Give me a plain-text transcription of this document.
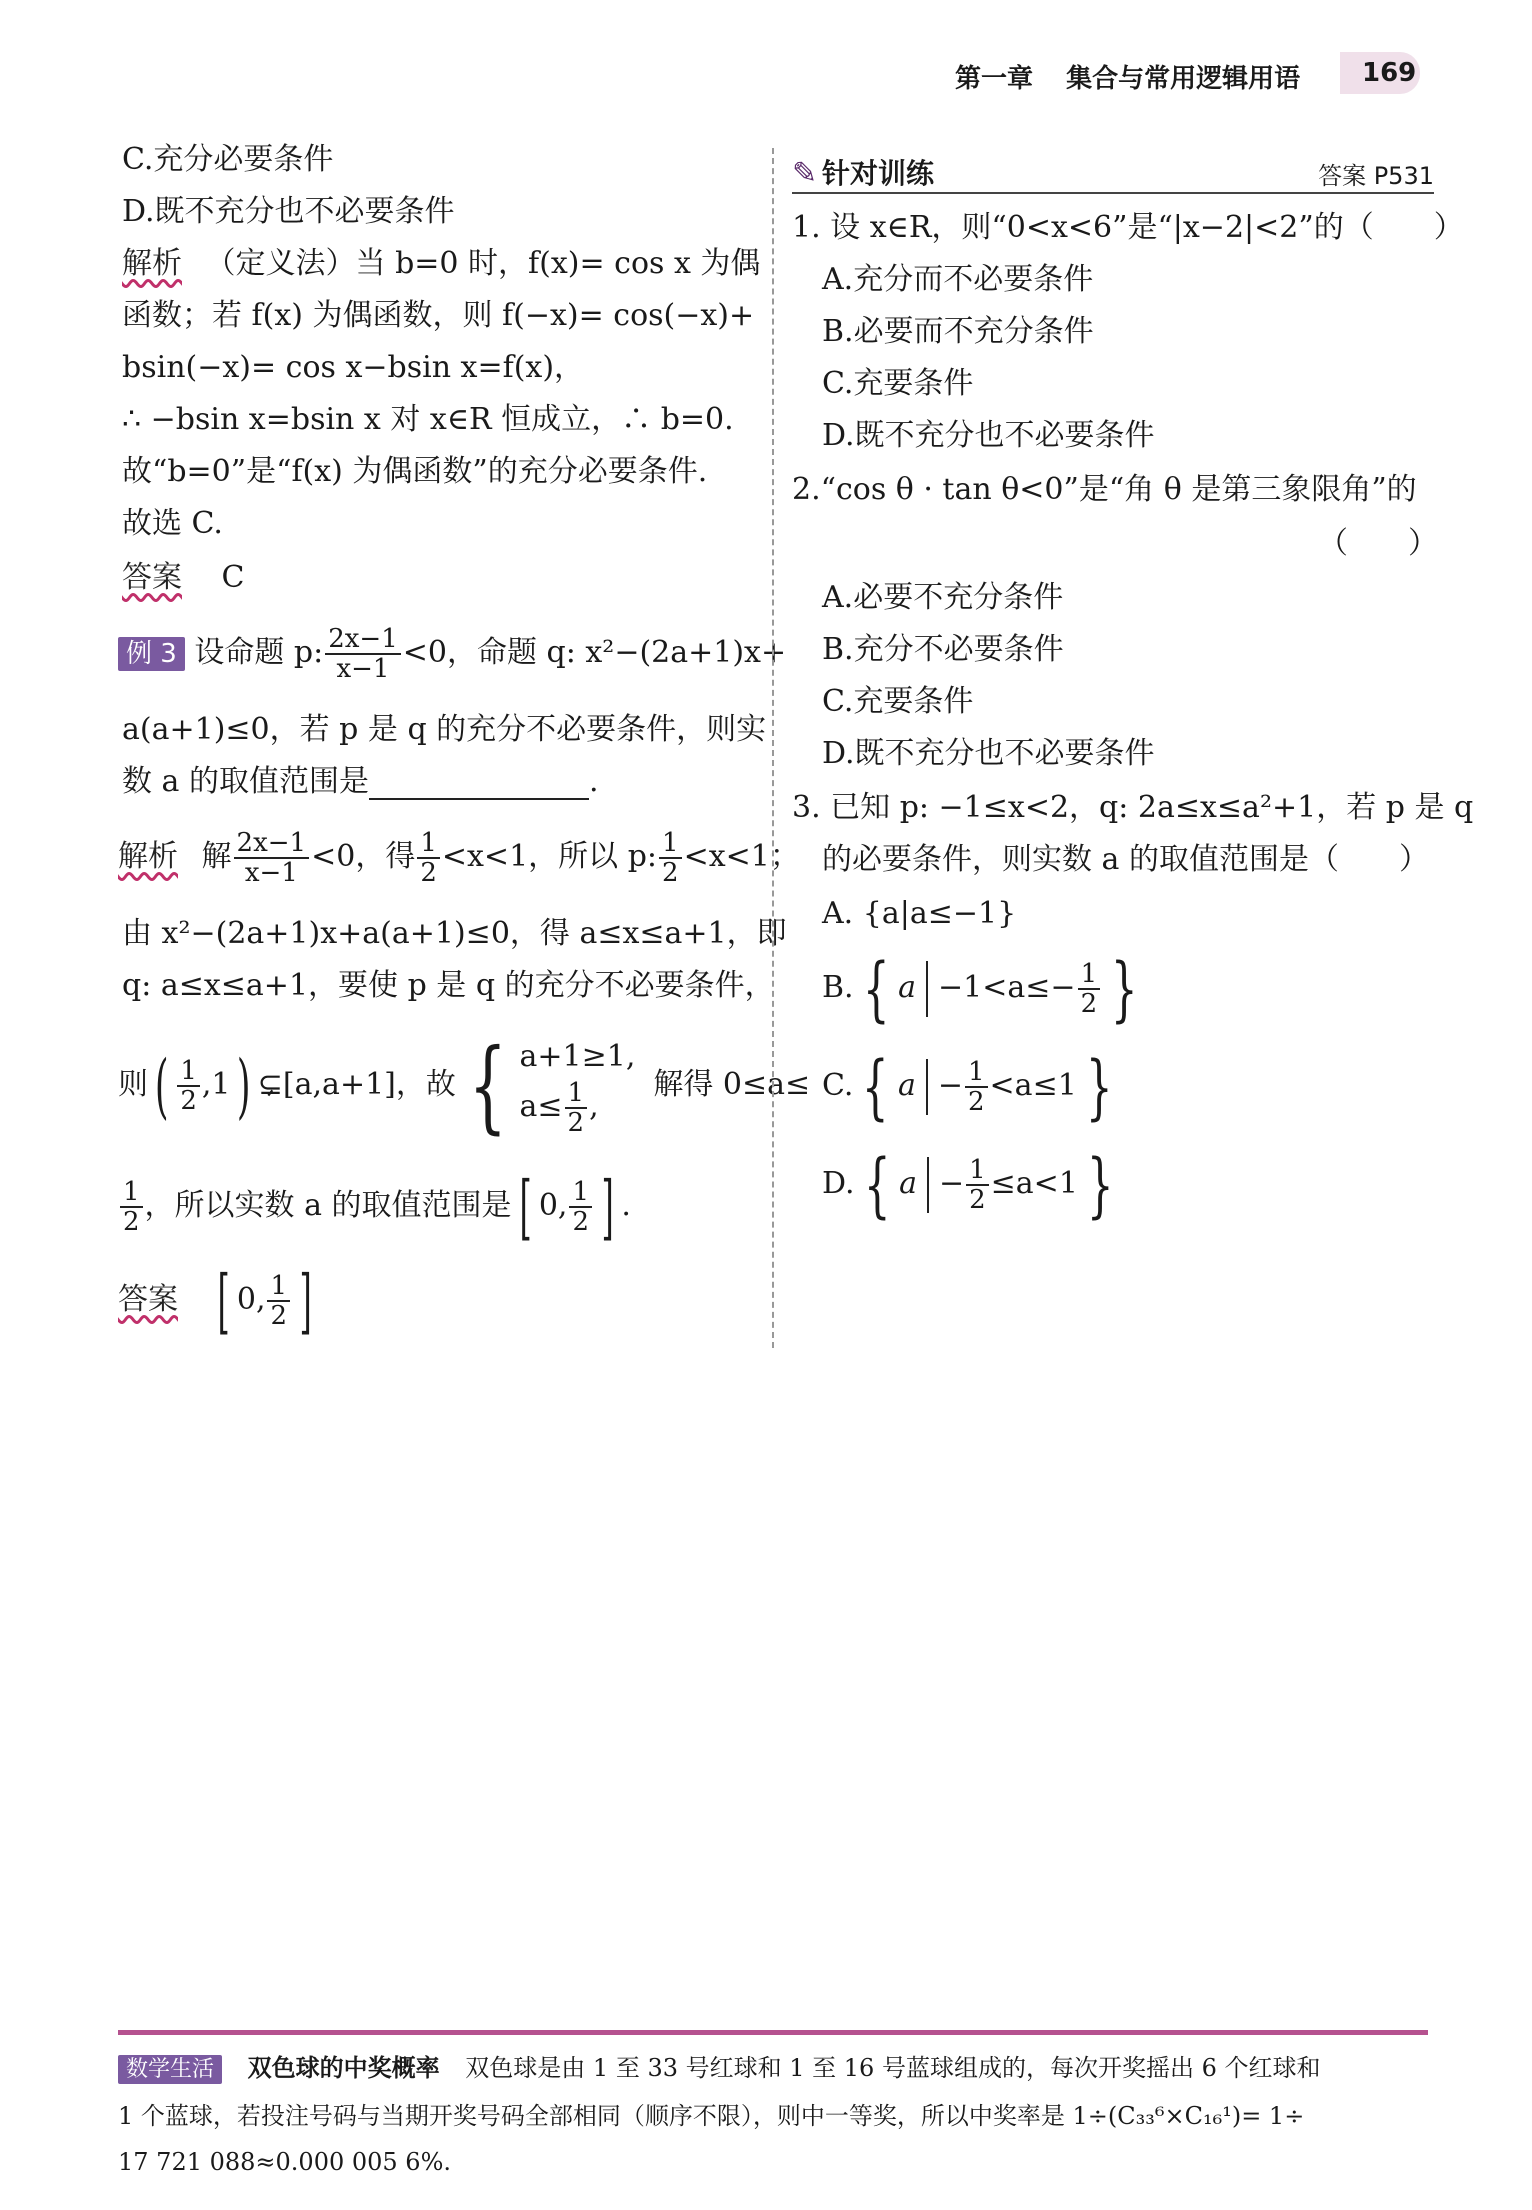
第一章 集合与常用逻辑用语 169
C.充分必要条件
D.既不充分也不必要条件
解析 （定义法）当 b=0 时，f(x)= cos x 为偶
函数；若 f(x) 为偶函数，则 f(−x)= cos(−x)+
bsin(−x)= cos x−bsin x=f(x)，
∴ −bsin x=bsin x 对 x∈R 恒成立，∴ b=0.
故“b=0”是“f(x) 为偶函数”的充分必要条件.
故选 C.
答案 C
例 3 设命题 p: $\frac{2x-1}{x-1} <0$，命题 q: x²−(2a+1)x+
a(a+1)≤0，若 p 是 q 的充分不必要条件，则实
数 a 的取值范围是	.
解析 解 $\frac{2x-1}{x-1} <0$，得 $\frac{1}{2} <x<1$，所以 p: $\frac{1}{2} <x<1$；
由 x²−(2a+1)x+a(a+1)≤0，得 a≤x≤a+1，即
q: a≤x≤a+1，要使 p 是 q 的充分不必要条件，
则( $\frac{1}{2} ,1$) ⊊[a,a+1]，故 { a+1≥1,
$a\le \frac{1}{2}$ ,
解得 0≤a≤
$\frac{1}{2}$ ，所以实数 a 的取值范围是 [ 0, $\frac{1}{2}$ ] .
答案 [ 0, $\frac{1}{2}$ ]
✎ 针对训练	答案 P531
1. 设 x∈R，则“0<x<6”是“|x−2|<2”的（　　）
A.充分而不必要条件
B.必要而不充分条件
C.充要条件
D.既不充分也不必要条件
2.“cos θ · tan θ<0”是“角 θ 是第三象限角”的
（　　）
A.必要不充分条件
B.充分不必要条件
C.充要条件
D.既不充分也不必要条件
3. 已知 p: −1≤x<2，q: 2a≤x≤a²+1，若 p 是 q
的必要条件，则实数 a 的取值范围是（　　）
A. {a|a≤−1}
B. { $a -1<a\le- \frac{1}{2}$ }
C. { $a - \frac{1}{2} <a\le 1$ }
D. { $a - \frac{1}{2} \le a<1$ }
数学生活 双色球的中奖概率 双色球是由 1 至 33 号红球和 1 至 16 号蓝球组成的，每次开奖摇出 6 个红球和
1 个蓝球，若投注号码与当期开奖号码全部相同（顺序不限），则中一等奖，所以中奖率是 1÷(C₃₃⁶×C₁₆¹)= 1÷
17 721 088≈0.000 005 6%.
